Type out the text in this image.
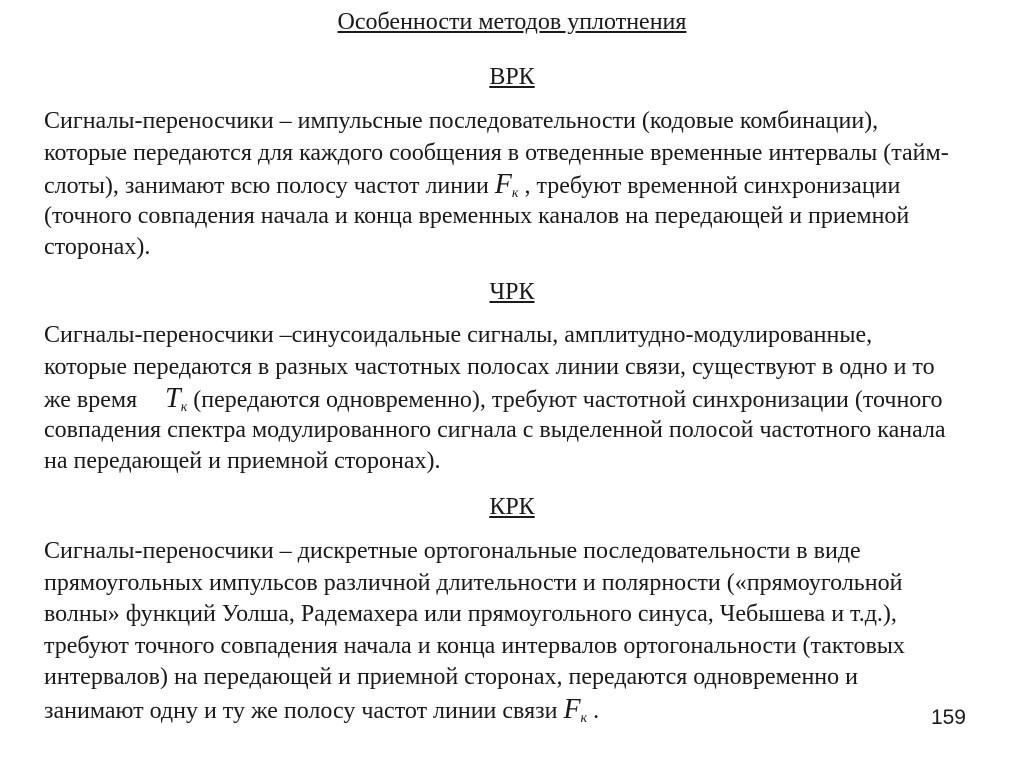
Особенности методов уплотнения
ВРК
Сигналы-переносчики – импульсные последовательности (кодовые комбинации),
которые передаются для каждого сообщения в отведенные временные интервалы (тайм-
слоты), занимают всю полосу частот линии $F_к$ , требуют временной синхронизации
(точного совпадения начала и конца временных каналов на передающей и приемной
сторонах).
ЧРК
Сигналы-переносчики –синусоидальные сигналы, амплитудно-модулированные,
которые передаются в разных частотных полосах линии связи, существуют в одно и то
же время $T_к$ (передаются одновременно), требуют частотной синхронизации (точного
совпадения спектра модулированного сигнала с выделенной полосой частотного канала
на передающей и приемной сторонах).
КРК
Сигналы-переносчики – дискретные ортогональные последовательности в виде
прямоугольных импульсов различной длительности и полярности («прямоугольной
волны» функций Уолша, Радемахера или прямоугольного синуса, Чебышева и т.д.),
требуют точного совпадения начала и конца интервалов ортогональности (тактовых
интервалов) на передающей и приемной сторонах, передаются одновременно и
занимают одну и ту же полосу частот линии связи $F_к$ .	159
